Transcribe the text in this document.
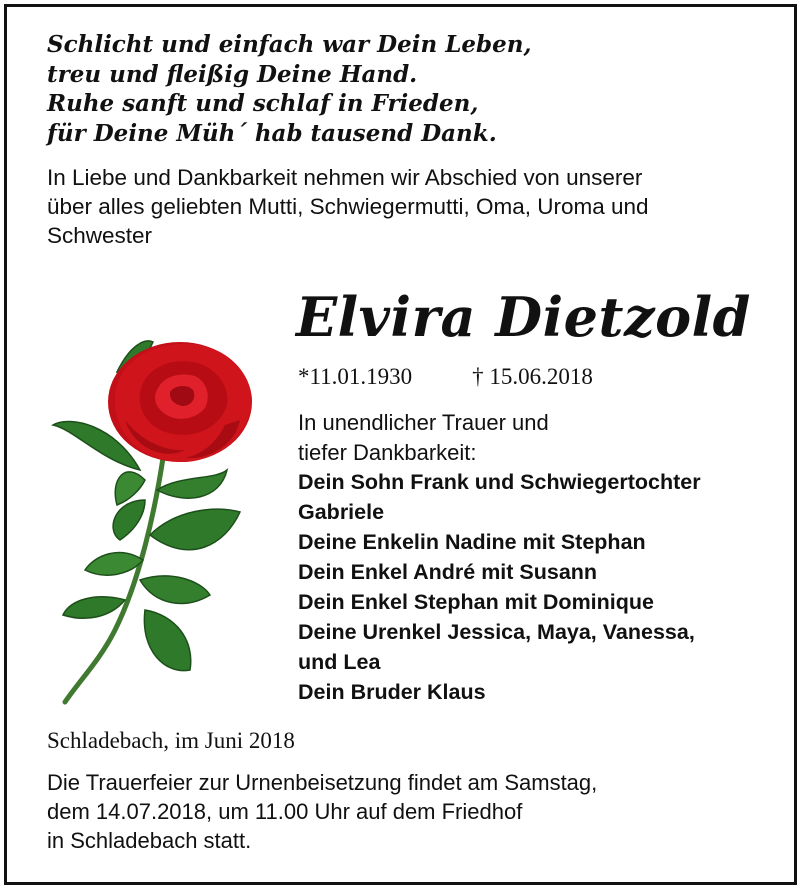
Schlicht und einfach war Dein Leben,
treu und fleißig Deine Hand.
Ruhe sanft und schlaf in Frieden,
für Deine Müh´ hab tausend Dank.
In Liebe und Dankbarkeit nehmen wir Abschied von unserer
über alles geliebten Mutti, Schwiegermutti, Oma, Uroma und
Schwester
Elvira Dietzold
*11.01.1930	† 15.06.2018
In unendlicher Trauer und
tiefer Dankbarkeit:
Dein Sohn Frank und Schwiegertochter
Gabriele
Deine Enkelin Nadine mit Stephan
Dein Enkel André mit Susann
Dein Enkel Stephan mit Dominique
Deine Urenkel Jessica, Maya, Vanessa,
und Lea
Dein Bruder Klaus
Schladebach, im Juni 2018
Die Trauerfeier zur Urnenbeisetzung findet am Samstag,
dem 14.07.2018, um 11.00 Uhr auf dem Friedhof
in Schladebach statt.
